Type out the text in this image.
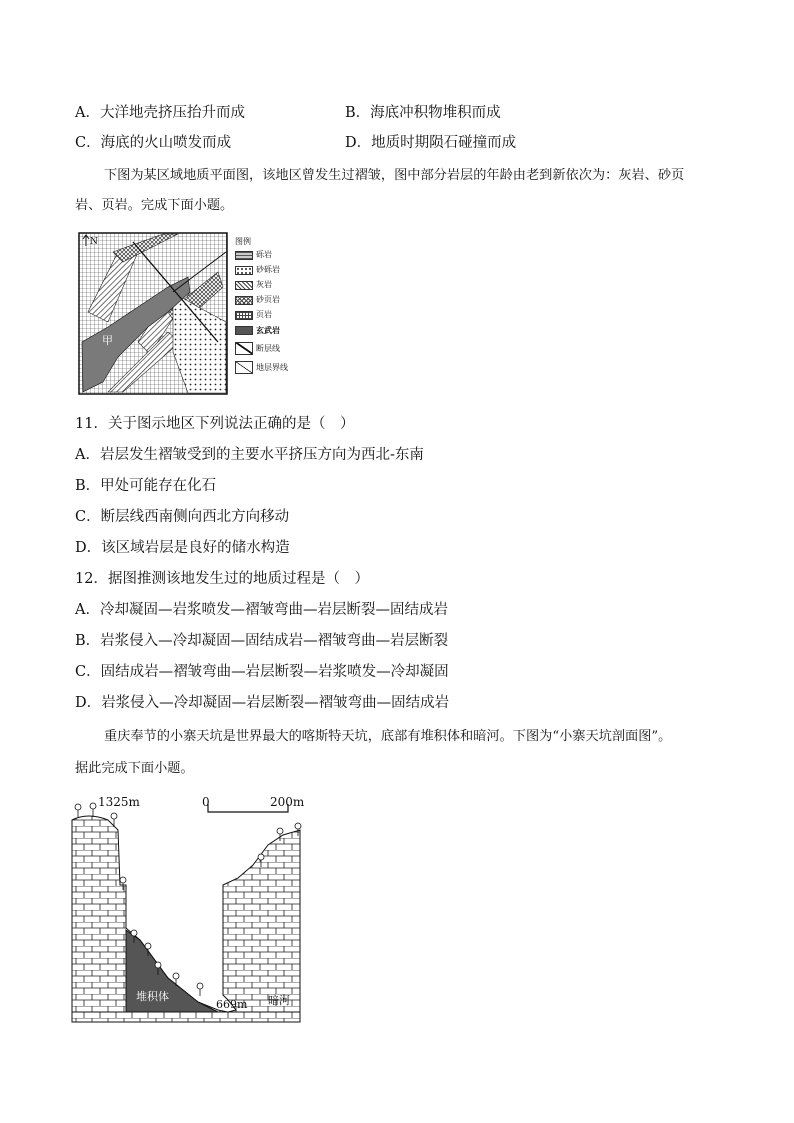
A．大洋地壳挤压抬升而成	B．海底冲积物堆积而成
C．海底的火山喷发而成	D．地质时期陨石碰撞而成
下图为某区域地质平面图，该地区曾发生过褶皱，图中部分岩层的年龄由老到新依次为：灰岩、砂页
岩、页岩。完成下面小题。
N
甲
图例
砾岩
砂砾岩
灰岩
砂页岩
页岩
玄武岩
断层线
地层界线
11．关于图示地区下列说法正确的是（　）
A．岩层发生褶皱受到的主要水平挤压方向为西北-东南
B．甲处可能存在化石
C．断层线西南侧向西北方向移动
D．该区域岩层是良好的储水构造
12．据图推测该地发生过的地质过程是（　）
A．冷却凝固—岩浆喷发—褶皱弯曲—岩层断裂—固结成岩
B．岩浆侵入—冷却凝固—固结成岩—褶皱弯曲—岩层断裂
C．固结成岩—褶皱弯曲—岩层断裂—岩浆喷发—冷却凝固
D．岩浆侵入—冷却凝固—岩层断裂—褶皱弯曲—固结成岩
重庆奉节的小寨天坑是世界最大的喀斯特天坑，底部有堆积体和暗河。下图为“小寨天坑剖面图”。
据此完成下面小题。
堆积体
0	200m
1325m
669m 暗河
